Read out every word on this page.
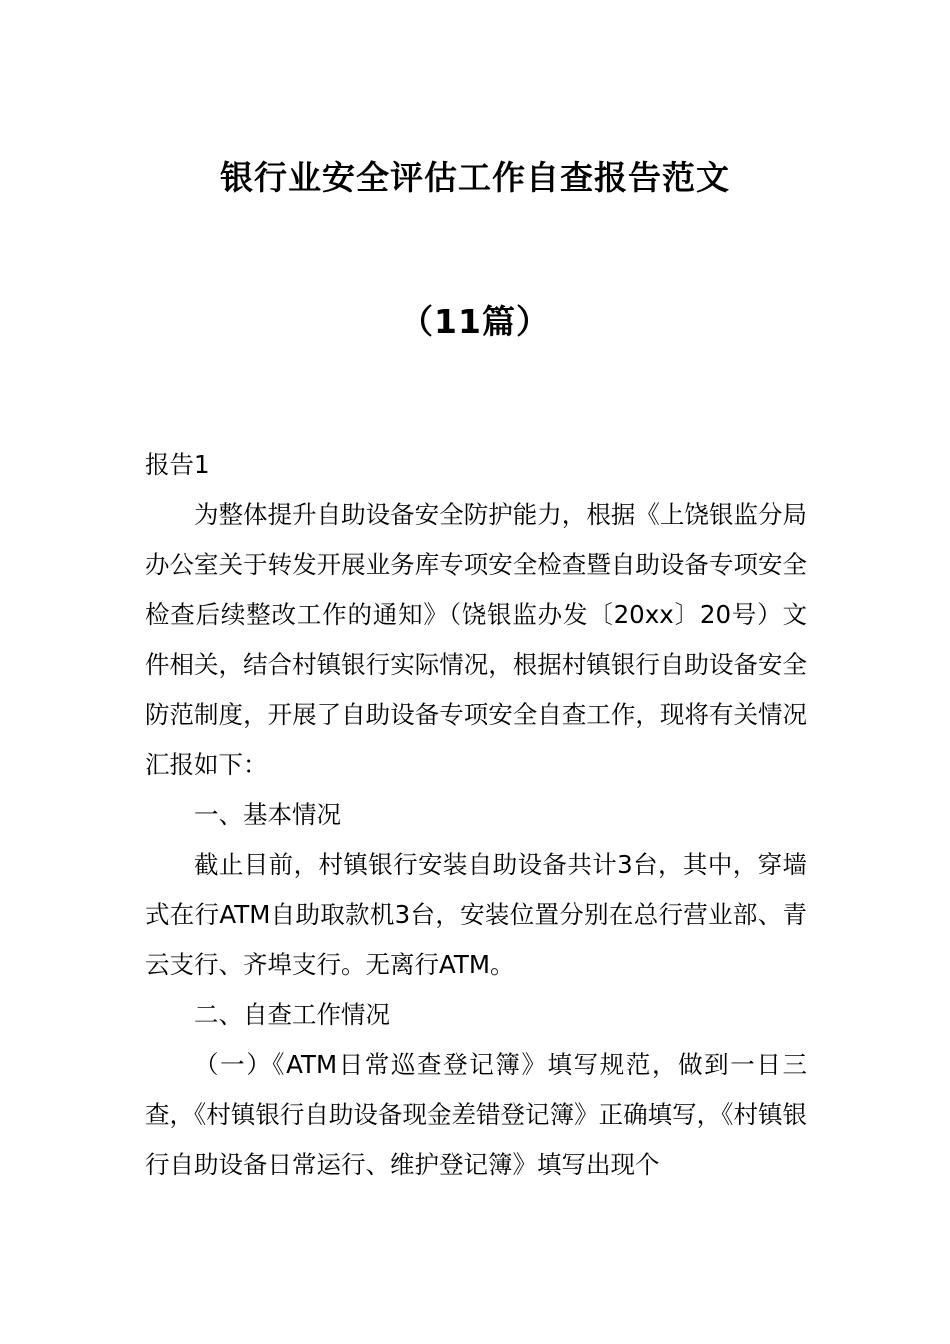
银行业安全评估工作自查报告范文
（11篇）

报告1

为整体提升自助设备安全防护能力，根据《上饶银监分局办公室关于转发开展业务库专项安全检查暨自助设备专项安全检查后续整改工作的通知》（饶银监办发〔20xx〕20号）文件相关，结合村镇银行实际情况，根据村镇银行自助设备安全防范制度，开展了自助设备专项安全自查工作，现将有关情况汇报如下：

一、基本情况

截止目前，村镇银行安装自助设备共计3台，其中，穿墙式在行ATM自助取款机3台，安装位置分别在总行营业部、青云支行、齐埠支行。无离行ATM。

二、自查工作情况

（一）《ATM日常巡查登记簿》填写规范，做到一日三查，《村镇银行自助设备现金差错登记簿》正确填写，《村镇银行自助设备日常运行、维护登记簿》填写出现个
